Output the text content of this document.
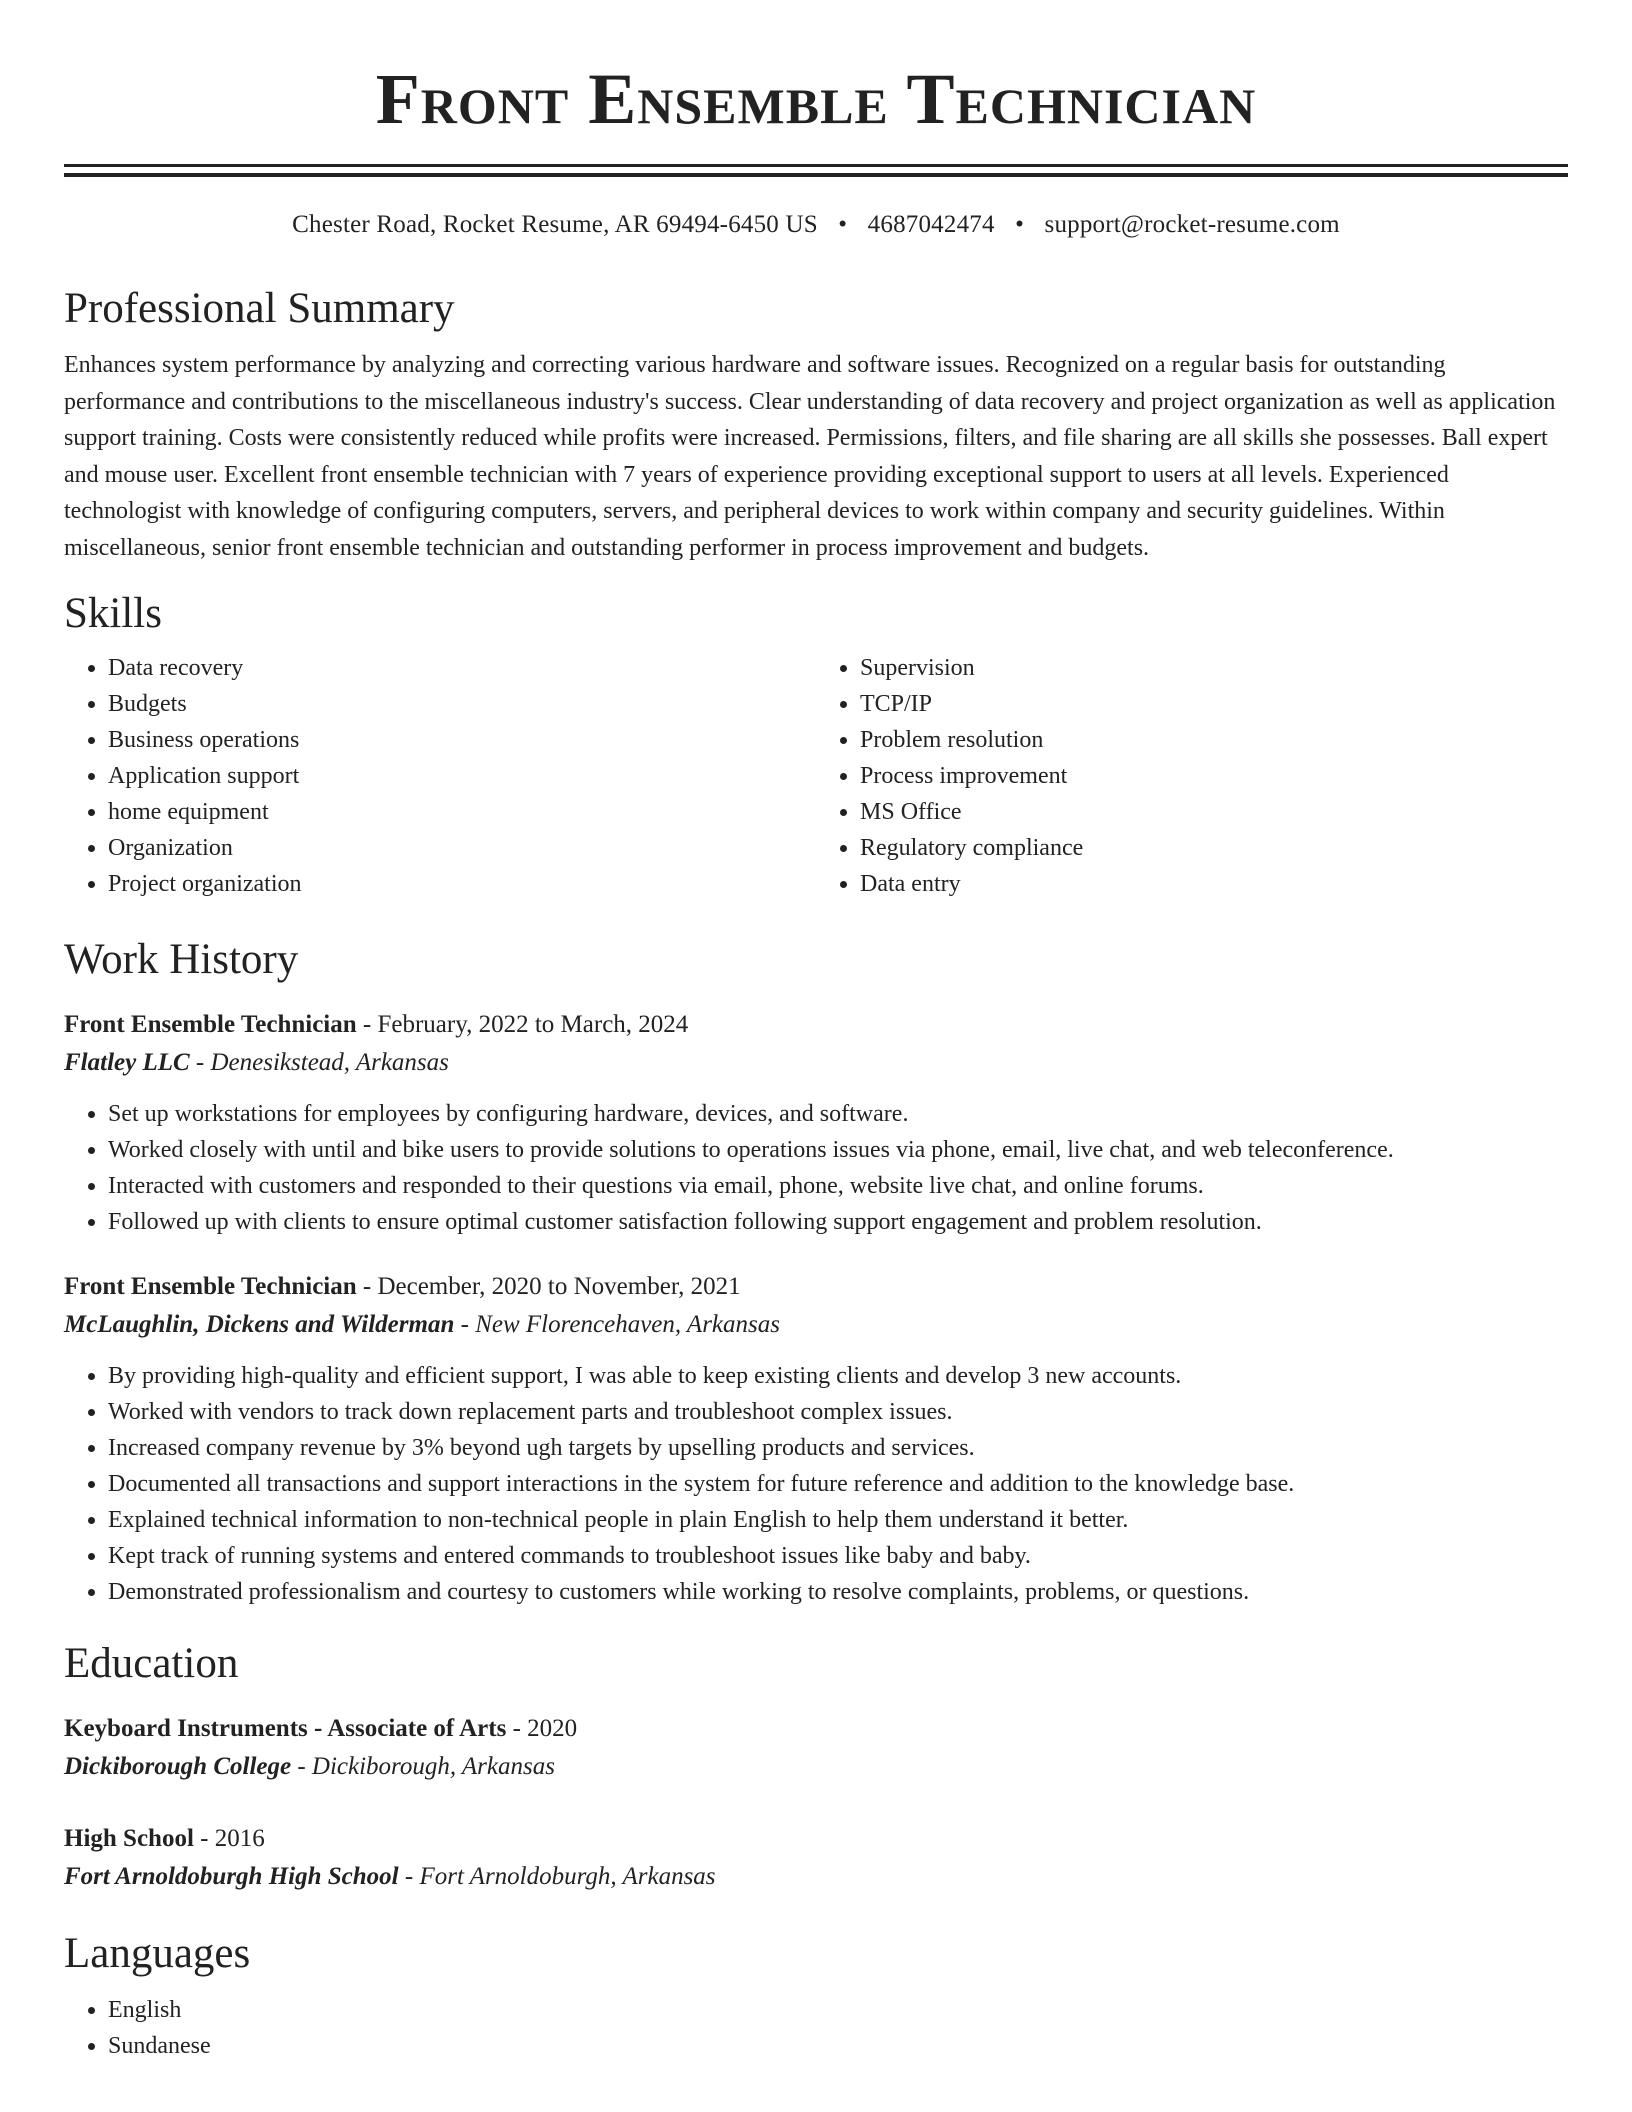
Front Ensemble Technician
Chester Road, Rocket Resume, AR 69494-6450 US • 4687042474 • support@rocket-resume.com
Professional Summary

Enhances system performance by analyzing and correcting various hardware and software issues. Recognized on a regular basis for outstanding performance and contributions to the miscellaneous industry's success. Clear understanding of data recovery and project organization as well as application support training. Costs were consistently reduced while profits were increased. Permissions, filters, and file sharing are all skills she possesses. Ball expert and mouse user. Excellent front ensemble technician with 7 years of experience providing exceptional support to users at all levels. Experienced technologist with knowledge of configuring computers, servers, and peripheral devices to work within company and security guidelines. Within miscellaneous, senior front ensemble technician and outstanding performer in process improvement and budgets.

Skills
• Data recovery
• Budgets
• Business operations
• Application support
• home equipment
• Organization
• Project organization
• Supervision
• TCP/IP
• Problem resolution
• Process improvement
• MS Office
• Regulatory compliance
• Data entry
Work History
Front Ensemble Technician - February, 2022 to March, 2024
Flatley LLC - Denesikstead, Arkansas
• Set up workstations for employees by configuring hardware, devices, and software.
• Worked closely with until and bike users to provide solutions to operations issues via phone, email, live chat, and web teleconference.
• Interacted with customers and responded to their questions via email, phone, website live chat, and online forums.
• Followed up with clients to ensure optimal customer satisfaction following support engagement and problem resolution.
Front Ensemble Technician - December, 2020 to November, 2021
McLaughlin, Dickens and Wilderman - New Florencehaven, Arkansas
• By providing high-quality and efficient support, I was able to keep existing clients and develop 3 new accounts.
• Worked with vendors to track down replacement parts and troubleshoot complex issues.
• Increased company revenue by 3% beyond ugh targets by upselling products and services.
• Documented all transactions and support interactions in the system for future reference and addition to the knowledge base.
• Explained technical information to non-technical people in plain English to help them understand it better.
• Kept track of running systems and entered commands to troubleshoot issues like baby and baby.
• Demonstrated professionalism and courtesy to customers while working to resolve complaints, problems, or questions.
Education
Keyboard Instruments - Associate of Arts - 2020
Dickiborough College - Dickiborough, Arkansas
High School - 2016
Fort Arnoldoburgh High School - Fort Arnoldoburgh, Arkansas
Languages
• English
• Sundanese
